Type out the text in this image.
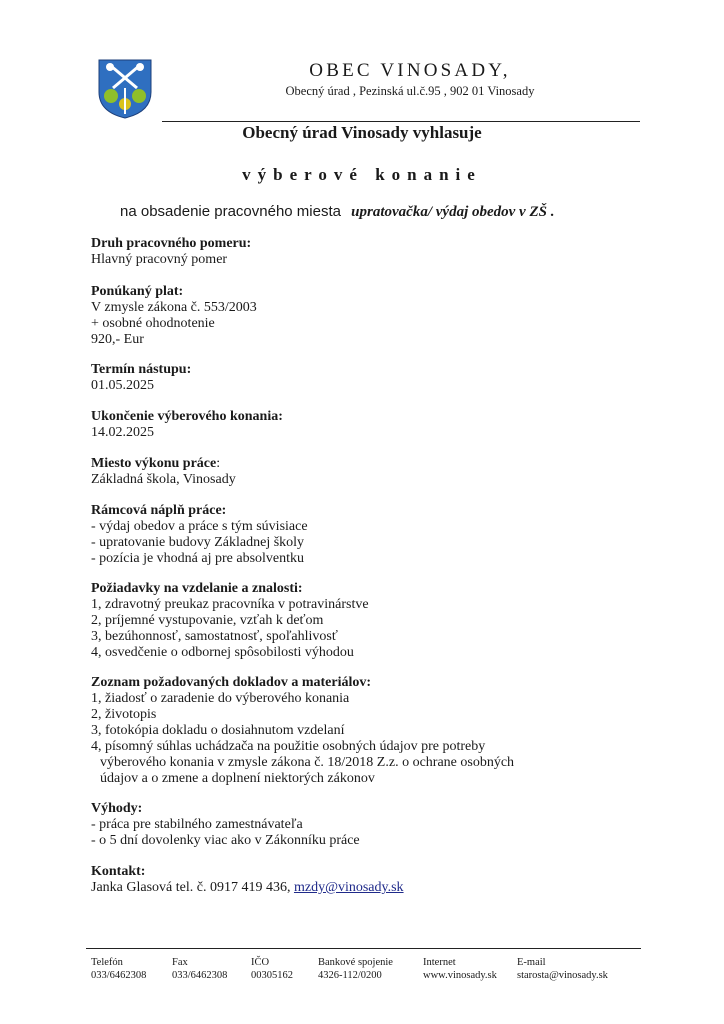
OBEC VINOSADY,
Obecný úrad , Pezinská ul.č.95 , 902 01 Vinosady
Obecný úrad Vinosady vyhlasuje
výberové konanie
na obsadenie pracovného miesta upratovačka/ výdaj obedov v ZŠ .
Druh pracovného pomeru:
Hlavný pracovný pomer
Ponúkaný plat:
V zmysle zákona č. 553/2003
+ osobné ohodnotenie
920,- Eur
Termín nástupu:
01.05.2025
Ukončenie výberového konania:
14.02.2025
Miesto výkonu práce:
Základná škola, Vinosady
Rámcová náplň práce:
- výdaj obedov a práce s tým súvisiace
- upratovanie budovy Základnej školy
- pozícia je vhodná aj pre absolventku
Požiadavky na vzdelanie a znalosti:
1, zdravotný preukaz pracovníka v potravinárstve
2, príjemné vystupovanie, vzťah k deťom
3, bezúhonnosť, samostatnosť, spoľahlivosť
4, osvedčenie o odbornej spôsobilosti výhodou
Zoznam požadovaných dokladov a materiálov:
1, žiadosť o zaradenie do výberového konania
2, životopis
3, fotokópia dokladu o dosiahnutom vzdelaní
4, písomný súhlas uchádzača na použitie osobných údajov pre potreby
výberového konania v zmysle zákona č. 18/2018 Z.z. o ochrane osobných
údajov a o zmene a doplnení niektorých zákonov
Výhody:
- práca pre stabilného zamestnávateľa
- o 5 dní dovolenky viac ako v Zákonníku práce
Kontakt:
Janka Glasová tel. č. 0917 419 436, mzdy@vinosady.sk
Telefón
033/6462308
Fax
033/6462308
IČO
00305162
Bankové spojenie
4326-112/0200
Internet
www.vinosady.sk
E-mail
starosta@vinosady.sk
